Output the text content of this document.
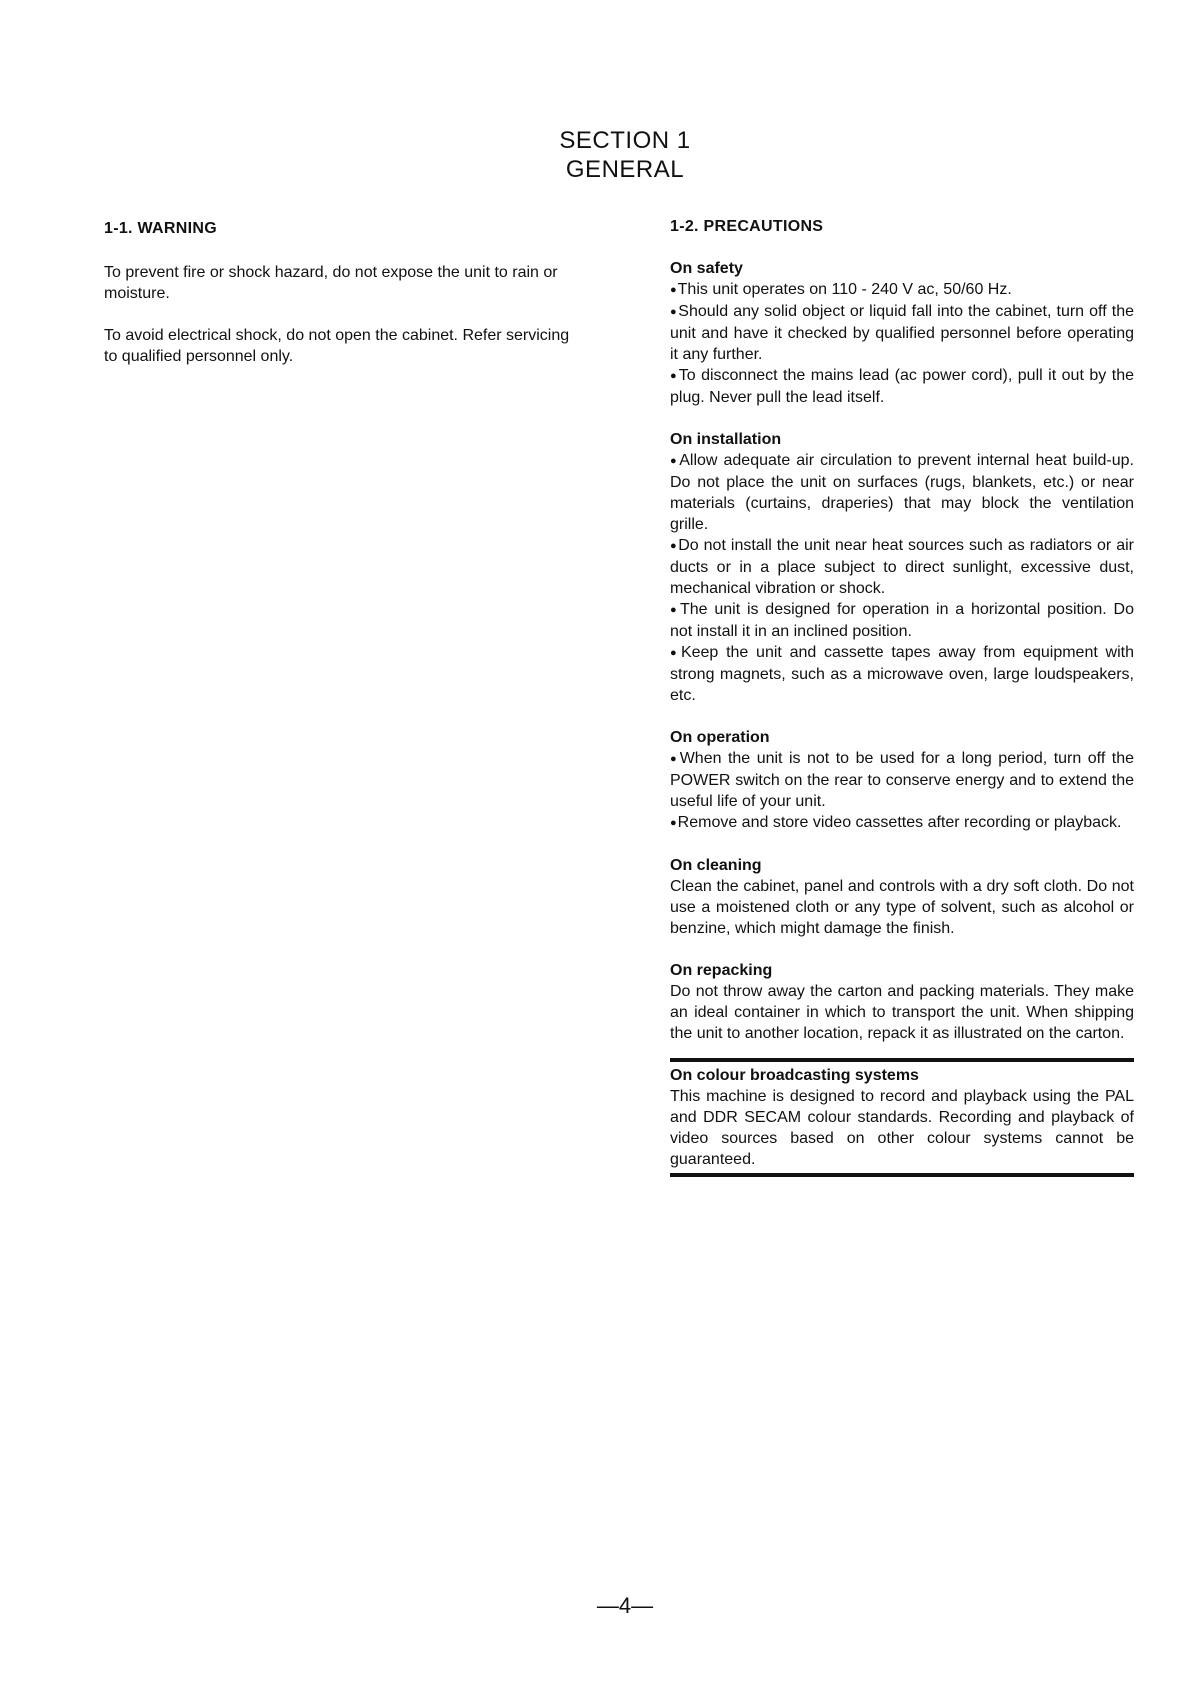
SECTION 1
GENERAL
1-1. WARNING

To prevent fire or shock hazard, do not expose the unit to rain or moisture.

To avoid electrical shock, do not open the cabinet. Refer servicing to qualified personnel only.

1-2. PRECAUTIONS

On safety

● This unit operates on 110 - 240 V ac, 50/60 Hz.

● Should any solid object or liquid fall into the cabinet, turn off the unit and have it checked by qualified personnel before operating it any further.

● To disconnect the mains lead (ac power cord), pull it out by the plug. Never pull the lead itself.

On installation

● Allow adequate air circulation to prevent internal heat build-up. Do not place the unit on surfaces (rugs, blankets, etc.) or near materials (curtains, draperies) that may block the ventilation grille.

● Do not install the unit near heat sources such as radiators or air ducts or in a place subject to direct sunlight, excessive dust, mechanical vibration or shock.

● The unit is designed for operation in a horizontal position. Do not install it in an inclined position.

● Keep the unit and cassette tapes away from equipment with strong magnets, such as a microwave oven, large loudspeakers, etc.

On operation

● When the unit is not to be used for a long period, turn off the POWER switch on the rear to conserve energy and to extend the useful life of your unit.

● Remove and store video cassettes after recording or playback.

On cleaning

Clean the cabinet, panel and controls with a dry soft cloth. Do not use a moistened cloth or any type of solvent, such as alcohol or benzine, which might damage the finish.

On repacking

Do not throw away the carton and packing materials. They make an ideal container in which to transport the unit. When shipping the unit to another location, repack it as illustrated on the carton.

On colour broadcasting systems

This machine is designed to record and playback using the PAL and DDR SECAM colour standards. Recording and playback of video sources based on other colour systems cannot be guaranteed.

—4—
